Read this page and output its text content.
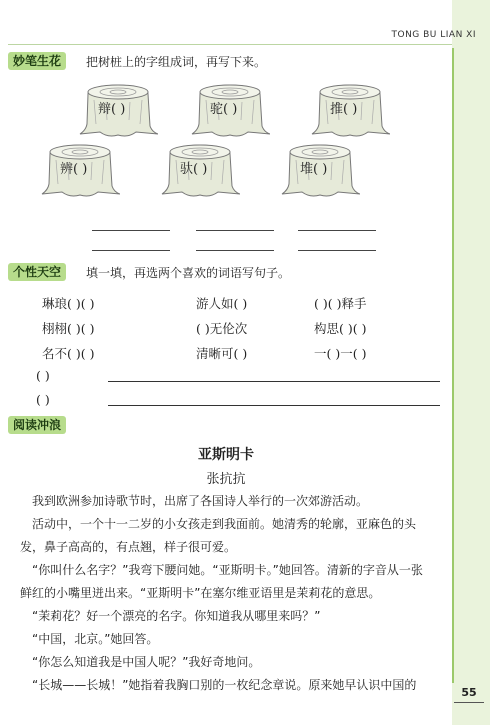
TONG BU LIAN XI
妙笔生花	把树桩上的字组成词，再写下来。
辩( )	驼( )	推( )
辨( )	驮( )	堆( )
个性天空	填一填，再选两个喜欢的词语写句子。
琳琅( )( )	游人如( )	( )( )释手
栩栩( )( )	( )无伦次	构思( )( )
名不( )( )	清晰可( )	一( )一( )
( )
( )
阅读冲浪
亚斯明卡
张抗抗
我到欧洲参加诗歌节时，出席了各国诗人举行的一次郊游活动。
活动中，一个十一二岁的小女孩走到我面前。她清秀的轮廓，亚麻色的头
发，鼻子高高的，有点翘，样子很可爱。
“你叫什么名字？”我弯下腰问她。“亚斯明卡。”她回答。清新的字音从一张
鲜红的小嘴里迸出来。“亚斯明卡”在塞尔维亚语里是茉莉花的意思。
“茉莉花？好一个漂亮的名字。你知道我从哪里来吗？”
“中国，北京。”她回答。
“你怎么知道我是中国人呢？”我好奇地问。
“长城——长城！”她指着我胸口别的一枚纪念章说。原来她早认识中国的
55
